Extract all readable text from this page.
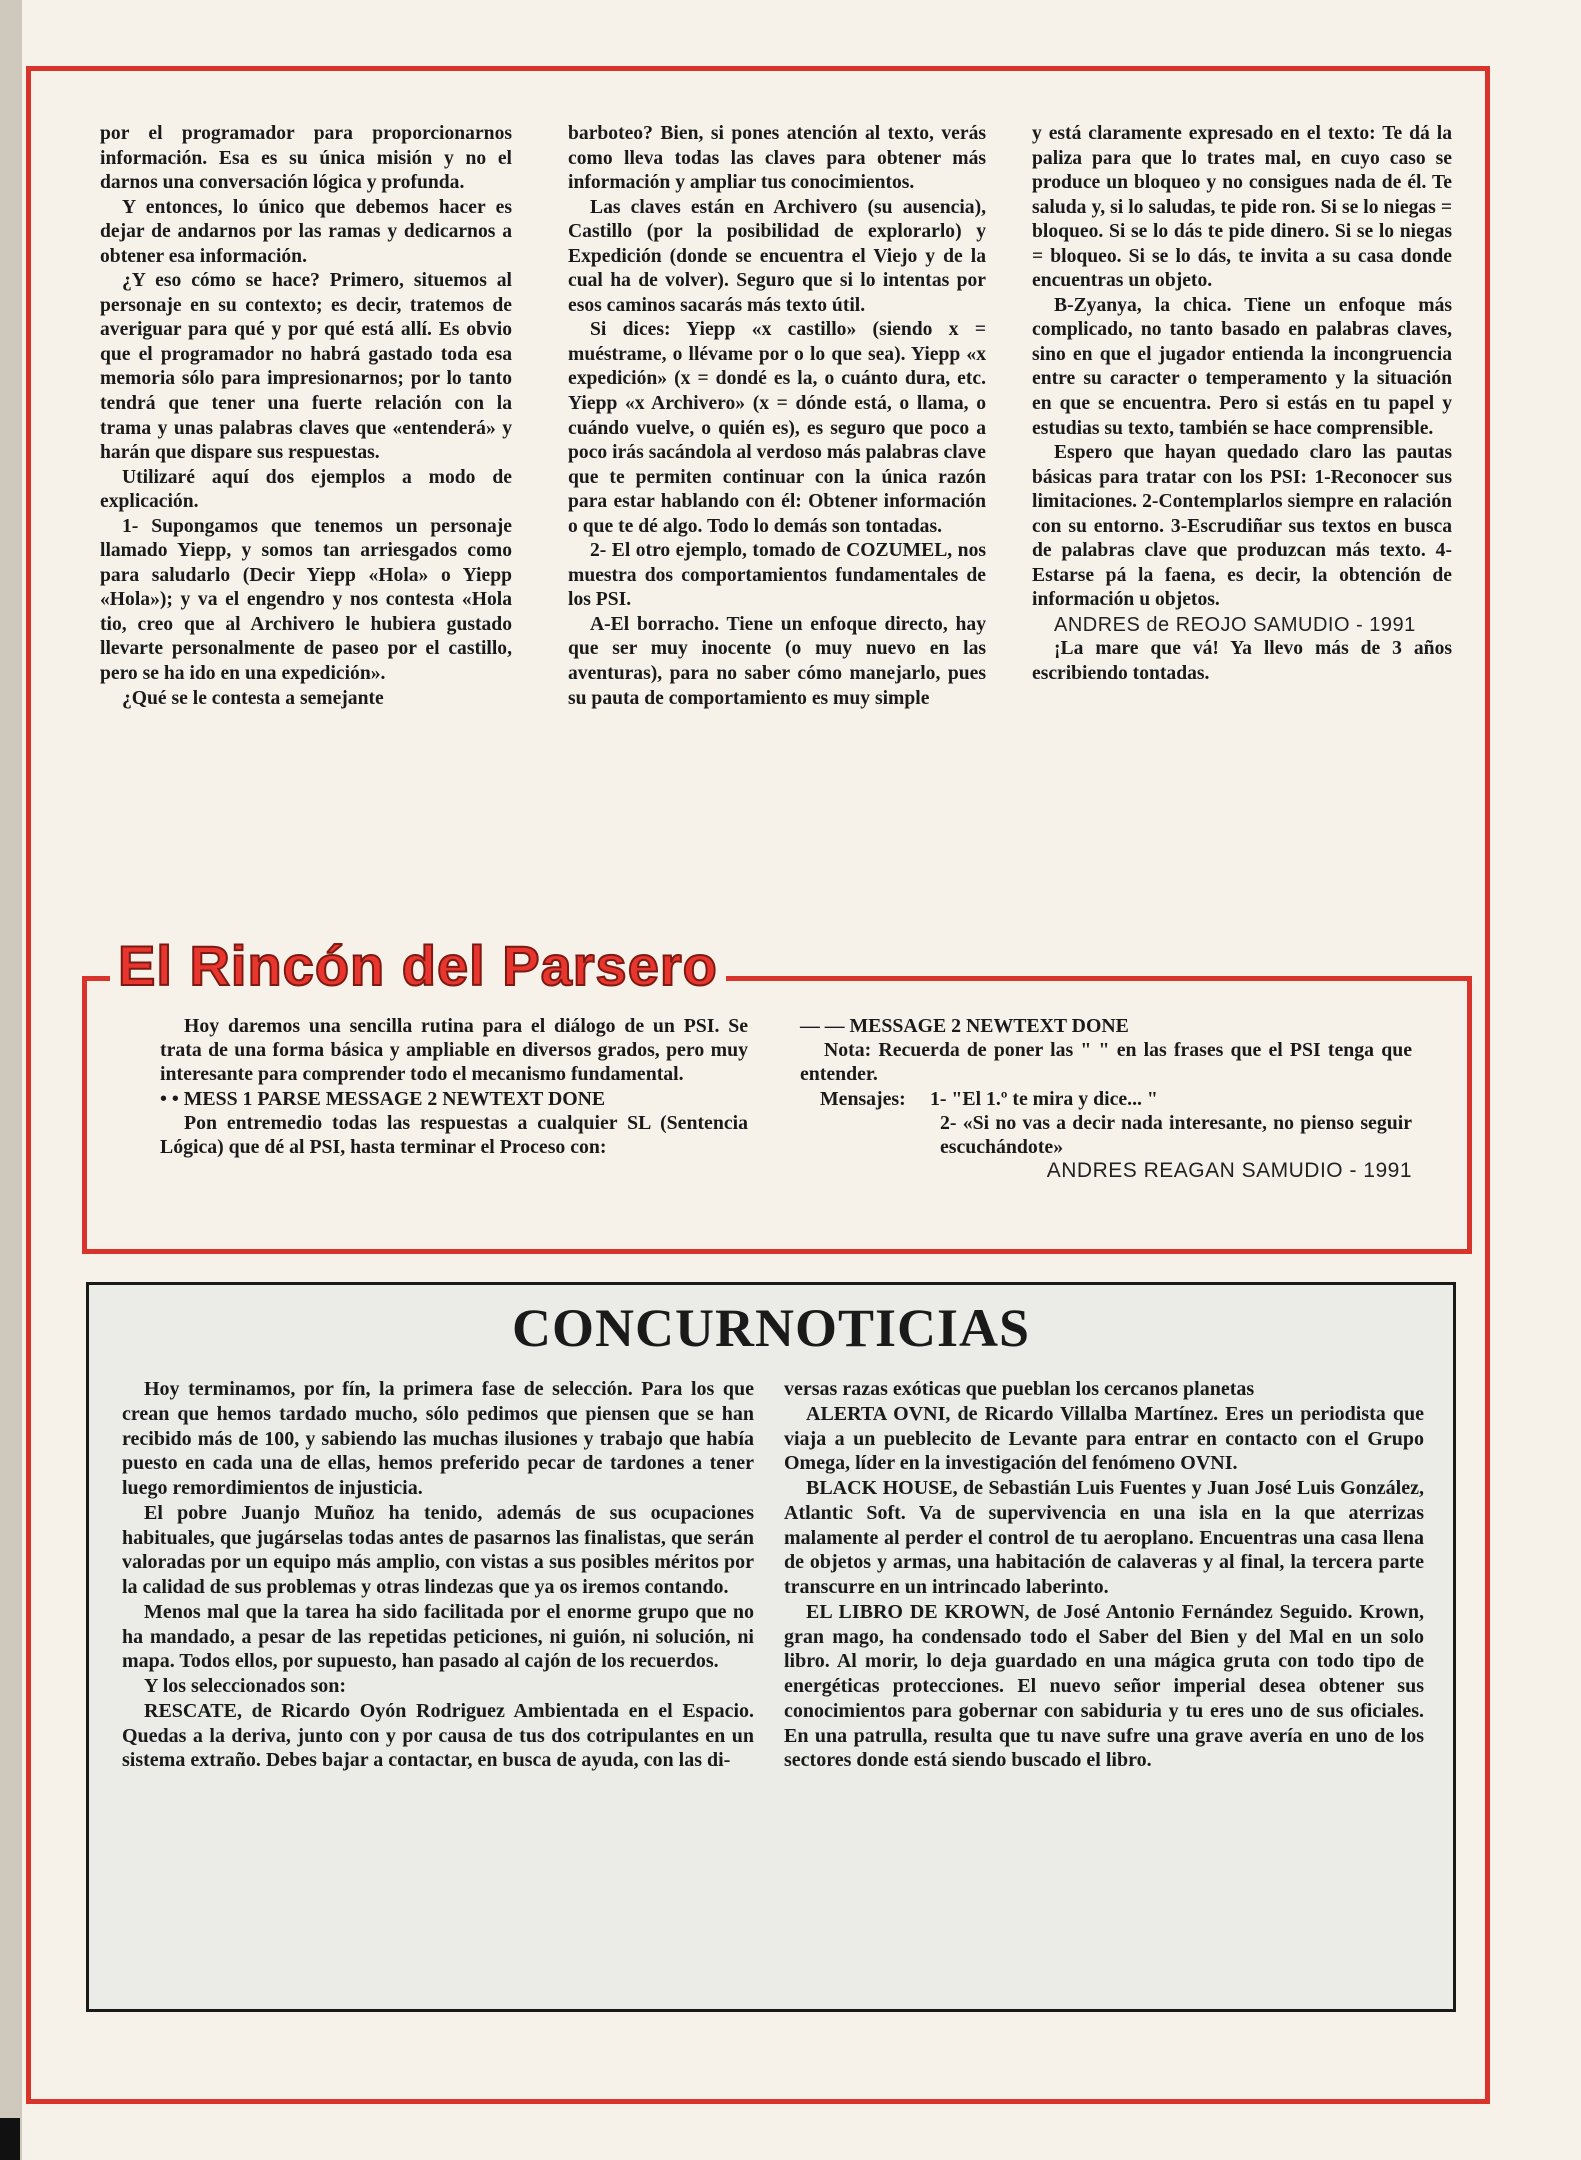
por el programador para proporcionarnos información. Esa es su única misión y no el darnos una conversación lógica y profunda.

Y entonces, lo único que debemos hacer es dejar de andarnos por las ramas y dedicarnos a obtener esa información.

¿Y eso cómo se hace? Primero, situemos al personaje en su contexto; es decir, tratemos de averiguar para qué y por qué está allí. Es obvio que el programador no habrá gastado toda esa memoria sólo para impresionarnos; por lo tanto tendrá que tener una fuerte relación con la trama y unas palabras claves que «entenderá» y harán que dispare sus respuestas.

Utilizaré aquí dos ejemplos a modo de explicación.

1- Supongamos que tenemos un personaje llamado Yiepp, y somos tan arriesgados como para saludarlo (Decir Yiepp «Hola» o Yiepp «Hola»); y va el engendro y nos contesta «Hola tio, creo que al Archivero le hubiera gustado llevarte personalmente de paseo por el castillo, pero se ha ido en una expedición».

¿Qué se le contesta a semejante

barboteo? Bien, si pones atención al texto, verás como lleva todas las claves para obtener más información y ampliar tus conocimientos.

Las claves están en Archivero (su ausencia), Castillo (por la posibilidad de explorarlo) y Expedición (donde se encuentra el Viejo y de la cual ha de volver). Seguro que si lo intentas por esos caminos sacarás más texto útil.

Si dices: Yiepp «x castillo» (siendo x = muéstrame, o llévame por o lo que sea). Yiepp «x expedición» (x = dondé es la, o cuánto dura, etc. Yiepp «x Archivero» (x = dónde está, o llama, o cuándo vuelve, o quién es), es seguro que poco a poco irás sacándola al verdoso más palabras clave que te permiten continuar con la única razón para estar hablando con él: Obtener información o que te dé algo. Todo lo demás son tontadas.

2- El otro ejemplo, tomado de COZUMEL, nos muestra dos comportamientos fundamentales de los PSI.

A-El borracho. Tiene un enfoque directo, hay que ser muy inocente (o muy nuevo en las aventuras), para no saber cómo manejarlo, pues su pauta de comportamiento es muy simple

y está claramente expresado en el texto: Te dá la paliza para que lo trates mal, en cuyo caso se produce un bloqueo y no consigues nada de él. Te saluda y, si lo saludas, te pide ron. Si se lo niegas = bloqueo. Si se lo dás te pide dinero. Si se lo niegas = bloqueo. Si se lo dás, te invita a su casa donde encuentras un objeto.

B-Zyanya, la chica. Tiene un enfoque más complicado, no tanto basado en palabras claves, sino en que el jugador entienda la incongruencia entre su caracter o temperamento y la situación en que se encuentra. Pero si estás en tu papel y estudias su texto, también se hace comprensible.

Espero que hayan quedado claro las pautas básicas para tratar con los PSI: 1-Reconocer sus limitaciones. 2-Contemplarlos siempre en ralación con su entorno. 3-Escrudiñar sus textos en busca de palabras clave que produzcan más texto. 4-Estarse pá la faena, es decir, la obtención de información u objetos.

ANDRES de REOJO SAMUDIO - 1991

¡La mare que vá! Ya llevo más de 3 años escribiendo tontadas.

El Rincón del Parsero

Hoy daremos una sencilla rutina para el diálogo de un PSI. Se trata de una forma básica y ampliable en diversos grados, pero muy interesante para comprender todo el mecanismo fundamental.

• • MESS 1 PARSE MESSAGE 2 NEWTEXT DONE

Pon entremedio todas las respuestas a cualquier SL (Sentencia Lógica) que dé al PSI, hasta terminar el Proceso con:

— — MESSAGE 2 NEWTEXT DONE

Nota: Recuerda de poner las " " en las frases que el PSI tenga que entender.

Mensajes:	1- "El 1.º te mira y dice... "

2- «Si no vas a decir nada interesante, no pienso seguir escuchándote»

ANDRES REAGAN SAMUDIO - 1991

CONCURNOTICIAS

Hoy terminamos, por fín, la primera fase de selección. Para los que crean que hemos tardado mucho, sólo pedimos que piensen que se han recibido más de 100, y sabiendo las muchas ilusiones y trabajo que había puesto en cada una de ellas, hemos preferido pecar de tardones a tener luego remordimientos de injusticia.

El pobre Juanjo Muñoz ha tenido, además de sus ocupaciones habituales, que jugárselas todas antes de pasarnos las finalistas, que serán valoradas por un equipo más amplio, con vistas a sus posibles méritos por la calidad de sus problemas y otras lindezas que ya os iremos contando.

Menos mal que la tarea ha sido facilitada por el enorme grupo que no ha mandado, a pesar de las repetidas peticiones, ni guión, ni solución, ni mapa. Todos ellos, por supuesto, han pasado al cajón de los recuerdos.

Y los seleccionados son:

RESCATE, de Ricardo Oyón Rodriguez Ambientada en el Espacio. Quedas a la deriva, junto con y por causa de tus dos cotripulantes en un sistema extraño. Debes bajar a contactar, en busca de ayuda, con las di-

versas razas exóticas que pueblan los cercanos planetas

ALERTA OVNI, de Ricardo Villalba Martínez. Eres un periodista que viaja a un pueblecito de Levante para entrar en contacto con el Grupo Omega, líder en la investigación del fenómeno OVNI.

BLACK HOUSE, de Sebastián Luis Fuentes y Juan José Luis González, Atlantic Soft. Va de supervivencia en una isla en la que aterrizas malamente al perder el control de tu aeroplano. Encuentras una casa llena de objetos y armas, una habitación de calaveras y al final, la tercera parte transcurre en un intrincado laberinto.

EL LIBRO DE KROWN, de José Antonio Fernández Seguido. Krown, gran mago, ha condensado todo el Saber del Bien y del Mal en un solo libro. Al morir, lo deja guardado en una mágica gruta con todo tipo de energéticas protecciones. El nuevo señor imperial desea obtener sus conocimientos para gobernar con sabiduria y tu eres uno de sus oficiales. En una patrulla, resulta que tu nave sufre una grave avería en uno de los sectores donde está siendo buscado el libro.
